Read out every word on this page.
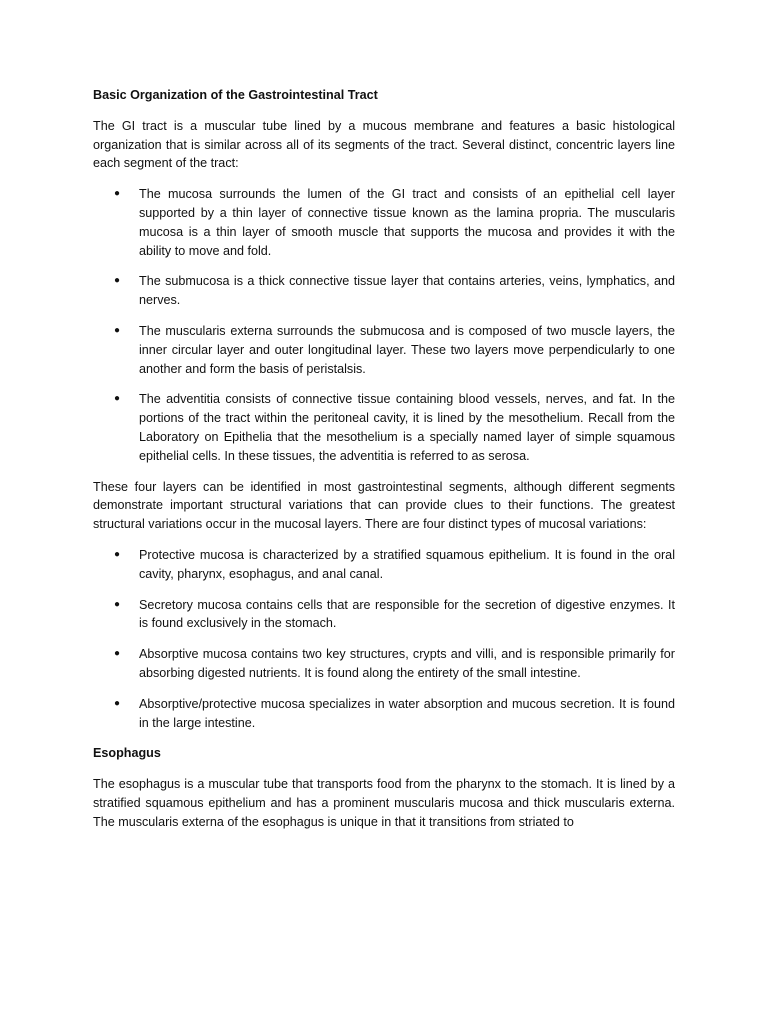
Basic Organization of the Gastrointestinal Tract
The GI tract is a muscular tube lined by a mucous membrane and features a basic histological organization that is similar across all of its segments of the tract. Several distinct, concentric layers line each segment of the tract:
● The mucosa surrounds the lumen of the GI tract and consists of an epithelial cell layer supported by a thin layer of connective tissue known as the lamina propria. The muscularis mucosa is a thin layer of smooth muscle that supports the mucosa and provides it with the ability to move and fold.
● The submucosa is a thick connective tissue layer that contains arteries, veins, lymphatics, and nerves.
● The muscularis externa surrounds the submucosa and is composed of two muscle layers, the inner circular layer and outer longitudinal layer. These two layers move perpendicularly to one another and form the basis of peristalsis.
● The adventitia consists of connective tissue containing blood vessels, nerves, and fat. In the portions of the tract within the peritoneal cavity, it is lined by the mesothelium. Recall from the Laboratory on Epithelia that the mesothelium is a specially named layer of simple squamous epithelial cells. In these tissues, the adventitia is referred to as serosa.
These four layers can be identified in most gastrointestinal segments, although different segments demonstrate important structural variations that can provide clues to their functions. The greatest structural variations occur in the mucosal layers. There are four distinct types of mucosal variations:
● Protective mucosa is characterized by a stratified squamous epithelium. It is found in the oral cavity, pharynx, esophagus, and anal canal.
● Secretory mucosa contains cells that are responsible for the secretion of digestive enzymes. It is found exclusively in the stomach.
● Absorptive mucosa contains two key structures, crypts and villi, and is responsible primarily for absorbing digested nutrients. It is found along the entirety of the small intestine.
● Absorptive/protective mucosa specializes in water absorption and mucous secretion. It is found in the large intestine.
Esophagus
The esophagus is a muscular tube that transports food from the pharynx to the stomach. It is lined by a stratified squamous epithelium and has a prominent muscularis mucosa and thick muscularis externa. The muscularis externa of the esophagus is unique in that it transitions from striated to
